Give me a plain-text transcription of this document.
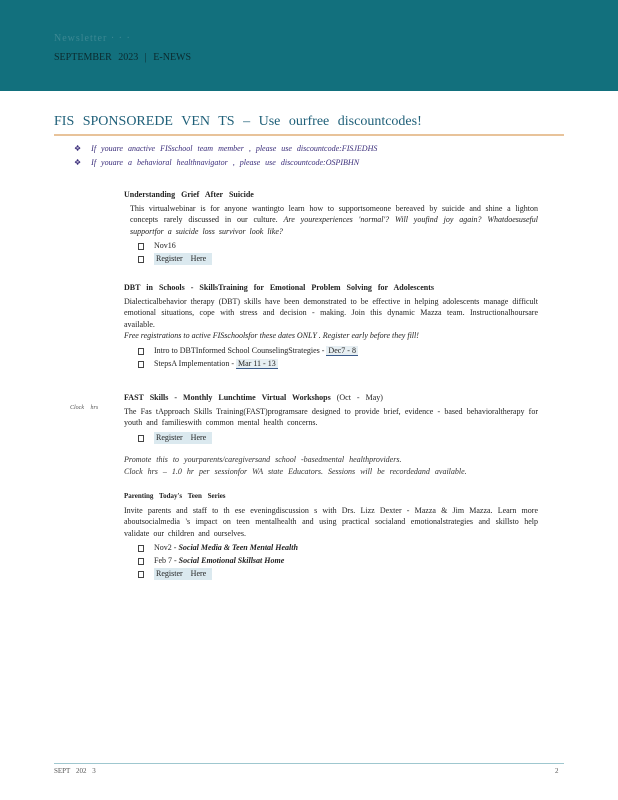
Newsletter · · ·
SEPTEMBER 2023 | E-NEWS
FIS SPONSOREDE VEN TS – Use ourfree discountcodes!
❖ If youare anactive FISschool team member , please use discountcode:FISJEDHS
❖ If youare a behavioral healthnavigator , please use discountcode:OSPIBHN
Understanding Grief After Suicide
This virtualwebinar is for anyone wantingto learn how to supportsomeone bereaved by suicide and shine a lighton concepts rarely discussed in our culture. Are yourexperiences 'normal'? Will youfind joy again? Whatdoesuseful supportfor a suicide loss survivor look like?
Nov16
Register Here
DBT in Schools - SkillsTraining for Emotional Problem Solving for Adolescents
Dialecticalbehavior therapy (DBT) skills have been demonstrated to be effective in helping adolescents manage difficult emotional situations, cope with stress and decision - making. Join this dynamic Mazza team. Instructionalhoursare available.
Free registrations to active FISschoolsfor these dates ONLY . Register early before they fill!
Intro to DBTInformed School CounselingStrategies - Dec7 - 8
StepsA Implementation - Mar 11 - 13
Clock hrs
FAST Skills - Monthly Lunchtime Virtual Workshops (Oct - May)
The Fas tApproach Skills Training(FAST)programsare designed to provide brief, evidence - based behavioraltherapy for youth and familieswith common mental health concerns.
Register Here
Promote this to yourparents/caregiversand school -basedmental healthproviders.
Clock hrs – 1.0 hr per sessionfor WA state Educators. Sessions will be recordedand available.
Parenting Today's Teen Series
Invite parents and staff to th ese eveningdiscussion s with Drs. Lizz Dexter - Mazza & Jim Mazza. Learn more aboutsocialmedia 's impact on teen mentalhealth and using practical socialand emotionalstrategies and skillsto help validate our children and ourselves.
Nov2 - Social Media & Teen Mental Health
Feb 7 - Social Emotional Skillsat Home
Register Here
SEPT 202 3	2
